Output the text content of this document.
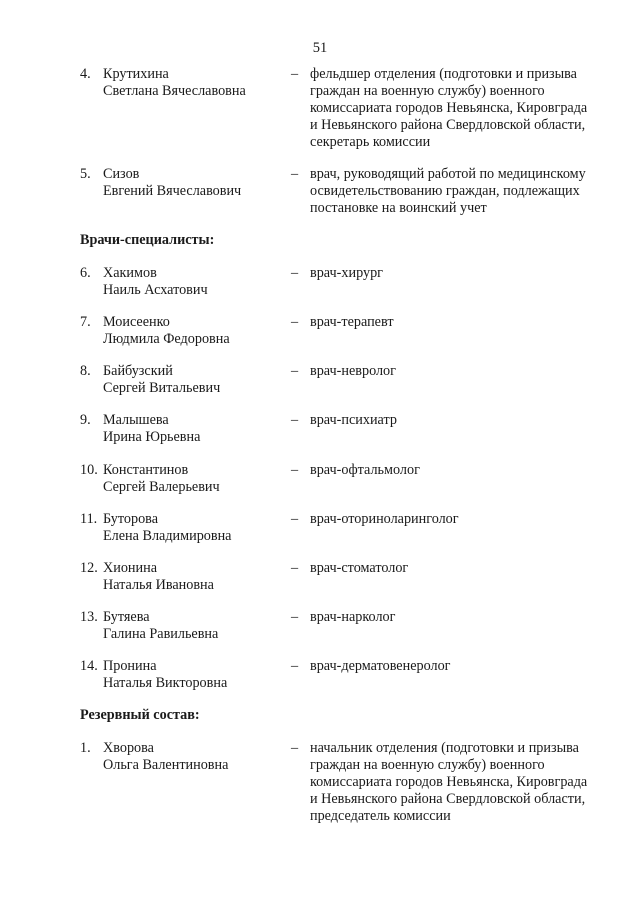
51
4. Крутихина
Светлана Вячеславовна
– фельдшер отделения (подготовки и призыва
граждан на военную службу) военного
комиссариата городов Невьянска, Кировграда
и Невьянского района Свердловской области,
секретарь комиссии
5. Сизов
Евгений Вячеславович
– врач, руководящий работой по медицинскому
освидетельствованию граждан, подлежащих
постановке на воинский учет
Врачи-специалисты:
6. Хакимов
Наиль Асхатович
– врач-хирург
7. Моисеенко
Людмила Федоровна
– врач-терапевт
8. Байбузский
Сергей Витальевич
– врач-невролог
9. Малышева
Ирина Юрьевна
– врач-психиатр
10. Константинов
Сергей Валерьевич
– врач-офтальмолог
11. Буторова
Елена Владимировна
– врач-оториноларинголог
12. Хионина
Наталья Ивановна
– врач-стоматолог
13. Бутяева
Галина Равильевна
– врач-нарколог
14. Пронина
Наталья Викторовна
– врач-дерматовенеролог
Резервный состав:
1. Хворова
Ольга Валентиновна
– начальник отделения (подготовки и призыва
граждан на военную службу) военного
комиссариата городов Невьянска, Кировграда
и Невьянского района Свердловской области,
председатель комиссии
